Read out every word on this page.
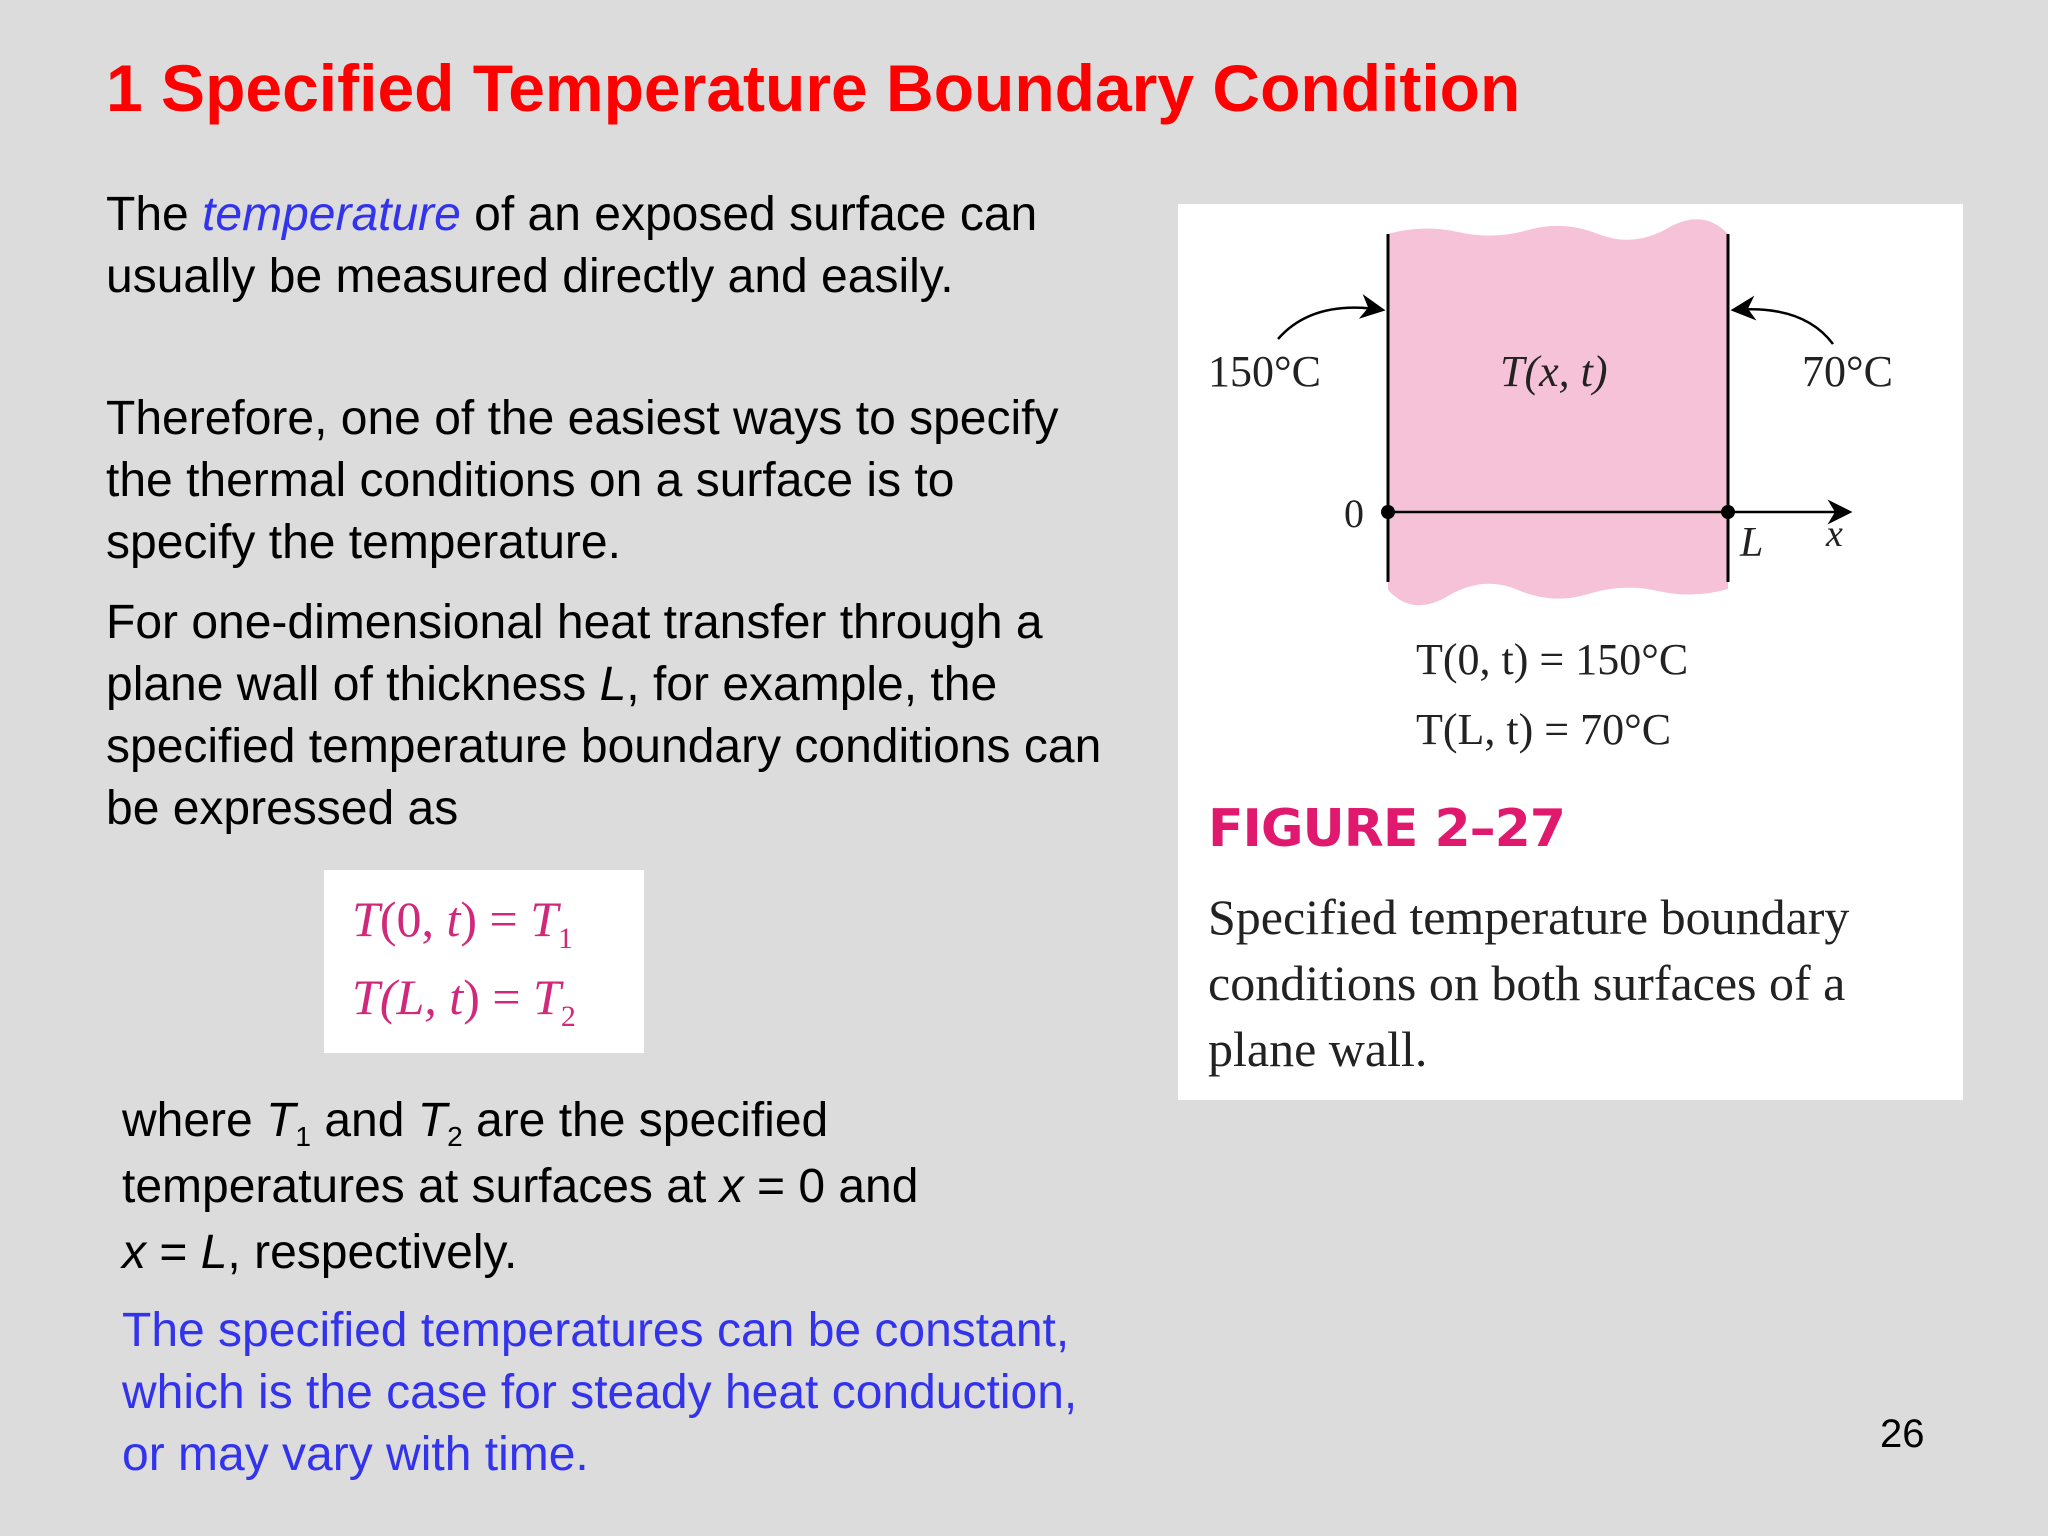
1 Specified Temperature Boundary Condition
The temperature of an exposed surface can usually be measured directly and easily.
Therefore, one of the easiest ways to specify the thermal conditions on a surface is to specify the temperature.
For one-dimensional heat transfer through a plane wall of thickness L, for example, the specified temperature boundary conditions can be expressed as
T(0, $t) = T_1$
T(L, $t) = T_2$
where $T_1$ and $T_2$ are the specified temperatures at surfaces at x = 0 and
x = L, respectively.
The specified temperatures can be constant, which is the case for steady heat conduction, or may vary with time.
150°C	70°C
T(x, t)
0
L x
T(0, t) = 150°C
T(L, t) = 70°C
FIGURE 2–27
Specified temperature boundary conditions on both surfaces of a plane wall.
26
